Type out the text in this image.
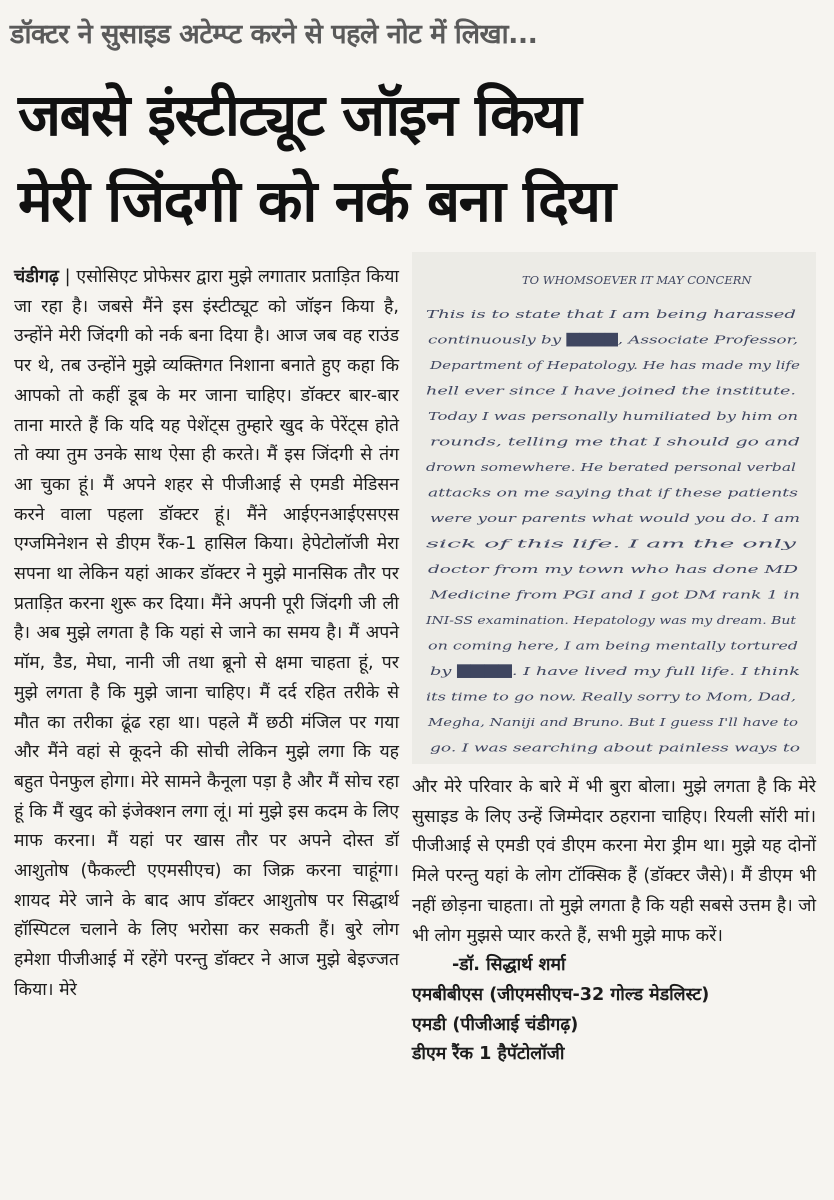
डॉक्टर ने सुसाइड अटेम्प्ट करने से पहले नोट में लिखा...
जबसे इंस्टीट्यूट जॉइन किया
मेरी जिंदगी को नर्क बना दिया

चंडीगढ़ | एसोसिएट प्रोफेसर द्वारा मुझे लगातार प्रताड़ित किया जा रहा है। जबसे मैंने इस इंस्टीट्यूट को जॉइन किया है, उन्होंने मेरी जिंदगी को नर्क बना दिया है। आज जब वह राउंड पर थे, तब उन्होंने मुझे व्यक्तिगत निशाना बनाते हुए कहा कि आपको तो कहीं डूब के मर जाना चाहिए। डॉक्टर बार-बार ताना मारते हैं कि यदि यह पेशेंट्स तुम्हारे खुद के पेरेंट्स होते तो क्या तुम उनके साथ ऐसा ही करते। मैं इस जिंदगी से तंग आ चुका हूं। मैं अपने शहर से पीजीआई से एमडी मेडिसन करने वाला पहला डॉक्टर हूं। मैंने आईएनआईएसएस एग्जमिनेशन से डीएम रैंक-1 हासिल किया। हेपेटोलॉजी मेरा सपना था लेकिन यहां आकर डॉक्टर ने मुझे मानसिक तौर पर प्रताड़ित करना शुरू कर दिया। मैंने अपनी पूरी जिंदगी जी ली है। अब मुझे लगता है कि यहां से जाने का समय है। मैं अपने मॉम, डैड, मेघा, नानी जी तथा ब्रूनो से क्षमा चाहता हूं, पर मुझे लगता है कि मुझे जाना चाहिए। मैं दर्द रहित तरीके से मौत का तरीका ढूंढ रहा था। पहले मैं छठी मंजिल पर गया और मैंने वहां से कूदने की सोची लेकिन मुझे लगा कि यह बहुत पेनफुल होगा। मेरे सामने कैनूला पड़ा है और मैं सोच रहा हूं कि मैं खुद को इंजेक्शन लगा लूं। मां मुझे इस कदम के लिए माफ करना। मैं यहां पर खास तौर पर अपने दोस्त डॉ आशुतोष (फैकल्टी एएमसीएच) का जिक्र करना चाहूंगा। शायद मेरे जाने के बाद आप डॉक्टर आशुतोष पर सिद्धार्थ हॉस्पिटल चलाने के लिए भरोसा कर सकती हैं। बुरे लोग हमेशा पीजीआई में रहेंगे परन्तु डॉक्टर ने आज मुझे बेइज्जत किया। मेरे

TO WHOMSOEVER IT MAY CONCERN
This is to state that I am being harassed
continuously by ████, Associate Professor,
Department of Hepatology. He has made my life
hell ever since I have joined the institute.
Today I was personally humiliated by him on
rounds, telling me that I should go and
drown somewhere. He berated personal verbal
attacks on me saying that if these patients
were your parents what would you do. I am
sick of this life. I am the only
doctor from my town who has done MD
Medicine from PGI and I got DM rank 1 in
INI-SS examination. Hepatology was my dream. But
on coming here, I am being mentally tortured
by ████. I have lived my full life. I think
its time to go now. Really sorry to Mom, Dad,
Megha, Naniji and Bruno. But I guess I'll have to
go. I was searching about painless ways to

और मेरे परिवार के बारे में भी बुरा बोला। मुझे लगता है कि मेरे सुसाइड के लिए उन्हें जिम्मेदार ठहराना चाहिए। रियली सॉरी मां। पीजीआई से एमडी एवं डीएम करना मेरा ड्रीम था। मुझे यह दोनों मिले परन्तु यहां के लोग टॉक्सिक हैं (डॉक्टर जैसे)। मैं डीएम भी नहीं छोड़ना चाहता। तो मुझे लगता है कि यही सबसे उत्तम है। जो भी लोग मुझसे प्यार करते हैं, सभी मुझे माफ करें।

-डॉ. सिद्धार्थ शर्मा

एमबीबीएस (जीएमसीएच-32 गोल्ड मेडलिस्ट)

एमडी (पीजीआई चंडीगढ़)

डीएम रैंक 1 हैपॅटोलॉजी
